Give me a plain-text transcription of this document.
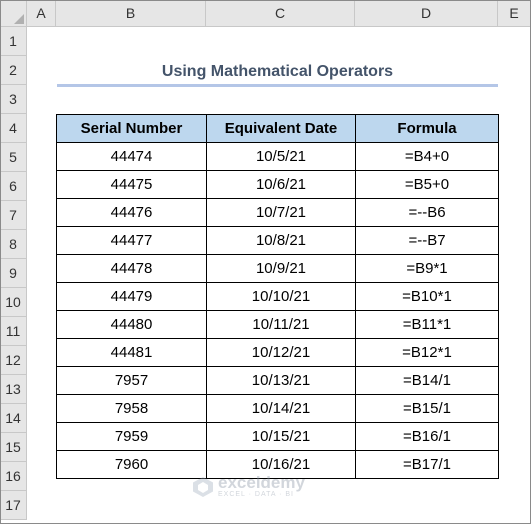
A	B	C	D	E
1
2
3
4
5
6
7
8
9
10
11
12
13
14
15
16
17
Using Mathematical Operators
Serial Number	Equivalent Date	Formula
44474	10/5/21	=B4+0
44475	10/6/21	=B5+0
44476	10/7/21	=--B6
44477	10/8/21	=--B7
44478	10/9/21	=B9*1
44479	10/10/21	=B10*1
44480	10/11/21	=B11*1
44481	10/12/21	=B12*1
7957	10/13/21	=B14/1
7958	10/14/21	=B15/1
7959	10/15/21	=B16/1
7960	10/16/21	=B17/1
exceldemy
EXCEL · DATA · BI
